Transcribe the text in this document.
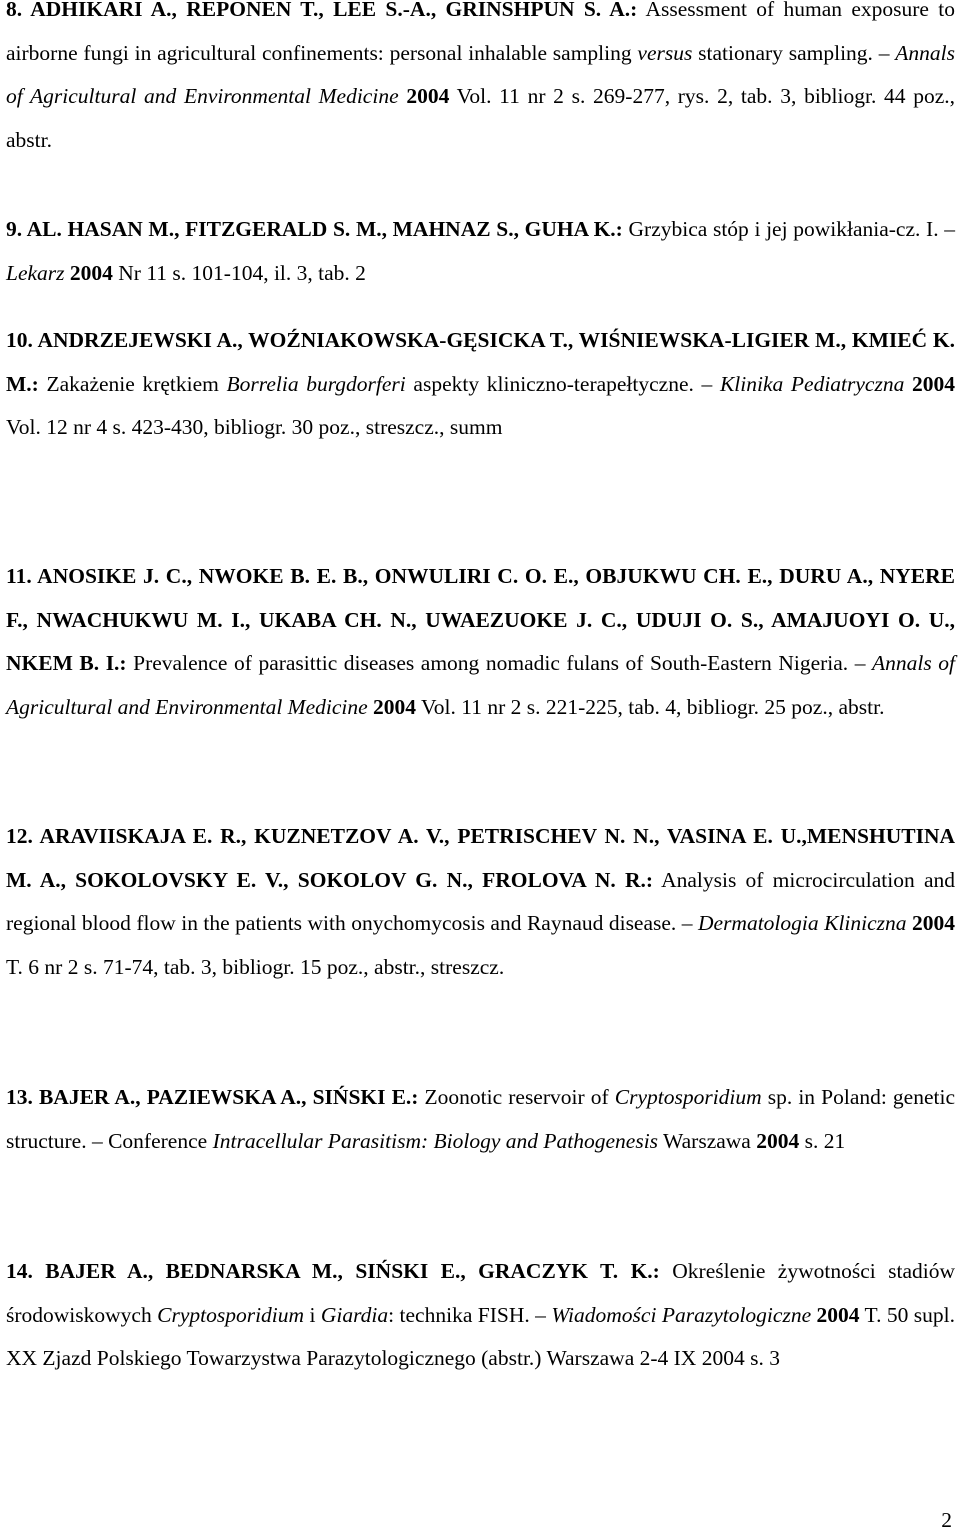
8. ADHIKARI A., REPONEN T., LEE S.-A., GRINSHPUN S. A.: Assessment of human exposure to airborne fungi in agricultural confinements: personal inhalable sampling versus stationary sampling. – Annals of Agricultural and Environmental Medicine 2004 Vol. 11 nr 2 s. 269-277, rys. 2, tab. 3, bibliogr. 44 poz., abstr.

9. AL. HASAN M., FITZGERALD S. M., MAHNAZ S., GUHA K.: Grzybica stóp i jej powikłania-cz. I. – Lekarz 2004 Nr 11 s. 101-104, il. 3, tab. 2

10. ANDRZEJEWSKI A., WOŹNIAKOWSKA-GĘSICKA T., WIŚNIEWSKA-LIGIER M., KMIEĆ K. M.: Zakażenie krętkiem Borrelia burgdorferi aspekty kliniczno-terapełtyczne. – Klinika Pediatryczna 2004 Vol. 12 nr 4 s. 423-430, bibliogr. 30 poz., streszcz., summ

11. ANOSIKE J. C., NWOKE B. E. B., ONWULIRI C. O. E., OBJUKWU CH. E., DURU A., NYERE F., NWACHUKWU M. I., UKABA CH. N., UWAEZUOKE J. C., UDUJI O. S., AMAJUOYI O. U., NKEM B. I.: Prevalence of parasittic diseases among nomadic fulans of South-Eastern Nigeria. – Annals of Agricultural and Environmental Medicine 2004 Vol. 11 nr 2 s. 221-225, tab. 4, bibliogr. 25 poz., abstr.

12. ARAVIISKAJA E. R., KUZNETZOV A. V., PETRISCHEV N. N., VASINA E. U.,MENSHUTINA M. A., SOKOLOVSKY E. V., SOKOLOV G. N., FROLOVA N. R.: Analysis of microcirculation and regional blood flow in the patients with onychomycosis and Raynaud disease. – Dermatologia Kliniczna 2004 T. 6 nr 2 s. 71-74, tab. 3, bibliogr. 15 poz., abstr., streszcz.

13. BAJER A., PAZIEWSKA A., SIŃSKI E.: Zoonotic reservoir of Cryptosporidium sp. in Poland: genetic structure. – Conference Intracellular Parasitism: Biology and Pathogenesis Warszawa 2004 s. 21

14. BAJER A., BEDNARSKA M., SIŃSKI E., GRACZYK T. K.: Określenie żywotności stadiów środowiskowych Cryptosporidium i Giardia: technika FISH. – Wiadomości Parazytologiczne 2004 T. 50 supl. XX Zjazd Polskiego Towarzystwa Parazytologicznego (abstr.) Warszawa 2-4 IX 2004 s. 3

2
